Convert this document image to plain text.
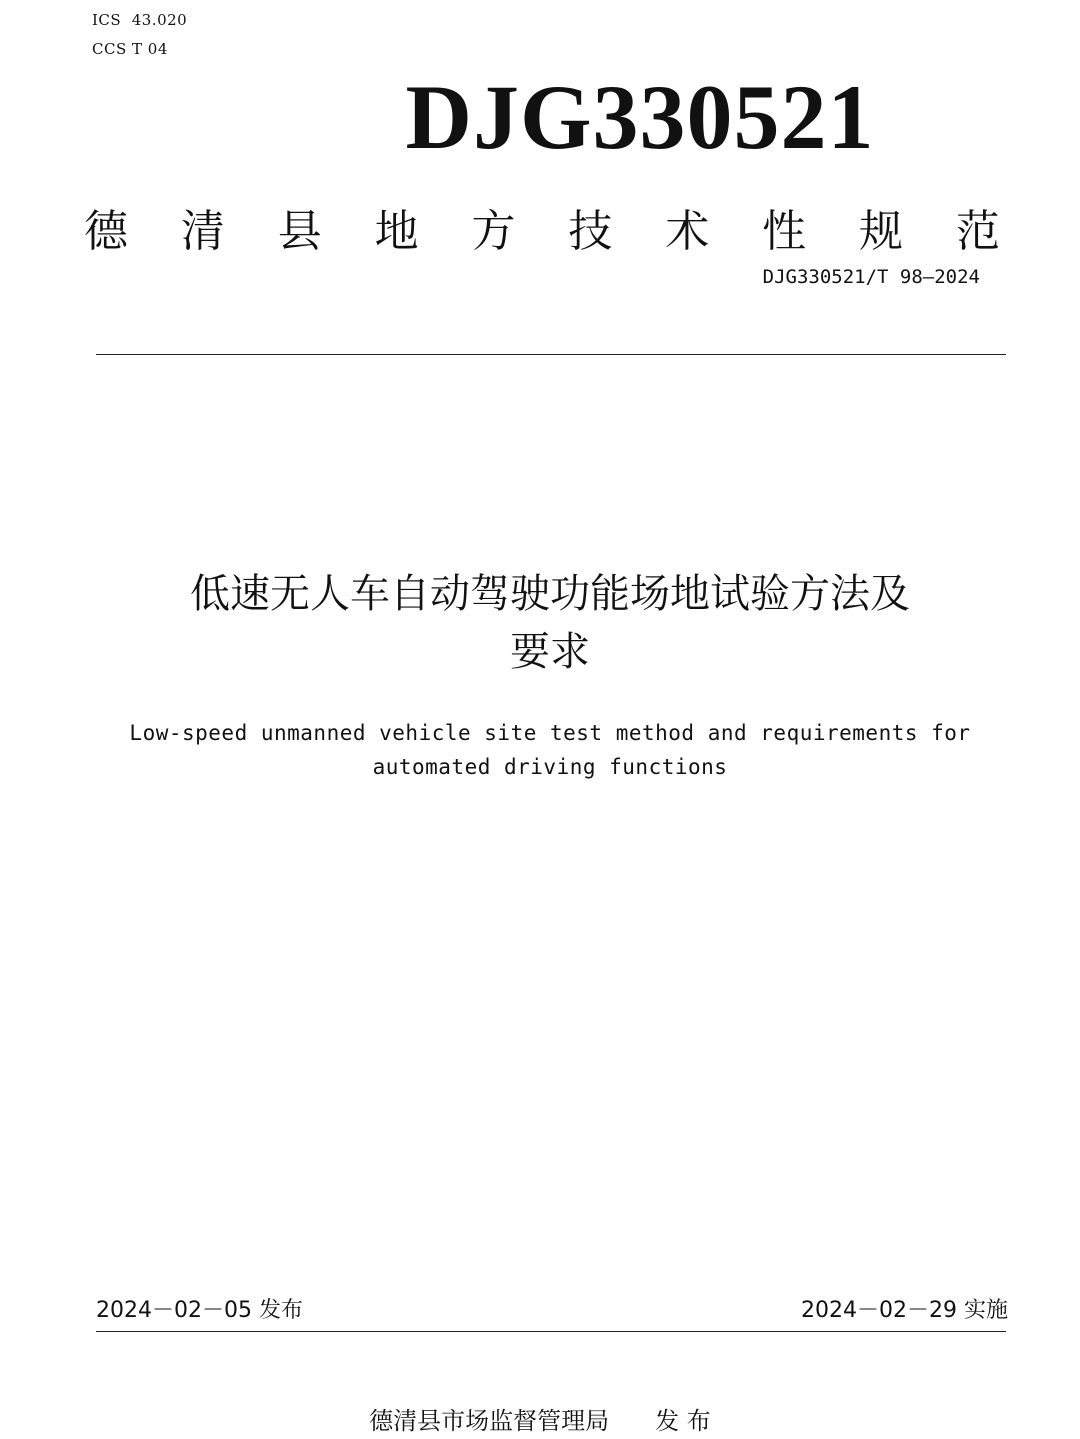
ICS  43.020
CCS T 04
DJG330521
德 清 县 地 方 技 术 性 规 范
DJG330521/T 98—2024
低速无人车自动驾驶功能场地试验方法及
要求
Low-speed unmanned vehicle site test method and requirements for
automated driving functions
2024－02－05 发布	2024－02－29 实施
德清县市场监督管理局 发 布
